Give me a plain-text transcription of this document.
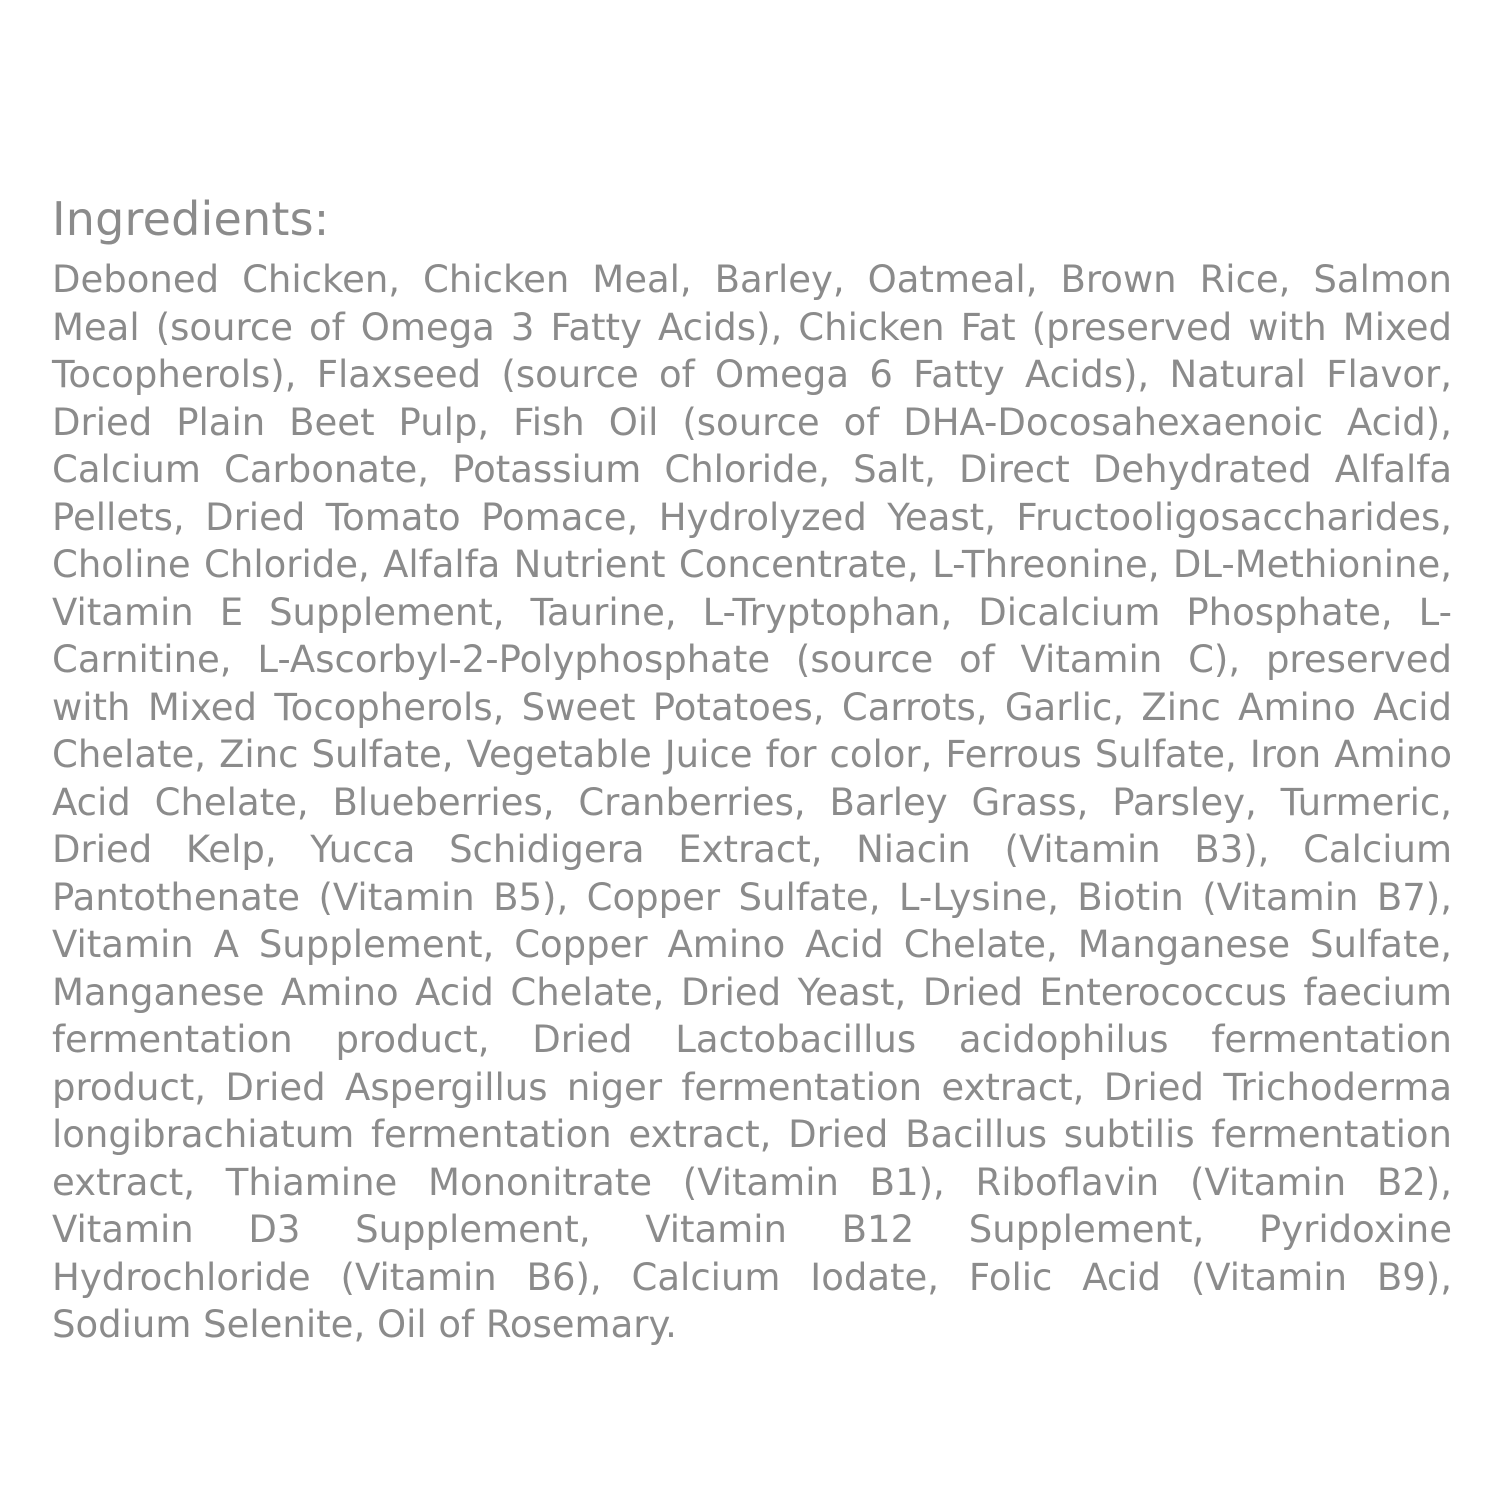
Ingredients:

Deboned Chicken, Chicken Meal, Barley, Oatmeal, Brown Rice, Salmon Meal (source of Omega 3 Fatty Acids), Chicken Fat (preserved with Mixed Tocopherols), Flaxseed (source of Omega 6 Fatty Acids), Natural Flavor, Dried Plain Beet Pulp, Fish Oil (source of DHA-Docosahexaenoic Acid), Calcium Carbonate, Potassium Chloride, Salt, Direct Dehydrated Alfalfa Pellets, Dried Tomato Pomace, Hydrolyzed Yeast, Fructooligosaccharides, Choline Chloride, Alfalfa Nutrient Concentrate, L-Threonine, DL-Methionine, Vitamin E Supplement, Taurine, L-Tryptophan, Dicalcium Phosphate, L-Carnitine, L-Ascorbyl-2-Polyphosphate (source of Vitamin C), preserved with Mixed Tocopherols, Sweet Potatoes, Carrots, Garlic, Zinc Amino Acid Chelate, Zinc Sulfate, Vegetable Juice for color, Ferrous Sulfate, Iron Amino Acid Chelate, Blueberries, Cranberries, Barley Grass, Parsley, Turmeric, Dried Kelp, Yucca Schidigera Extract, Niacin (Vitamin B3), Calcium Pantothenate (Vitamin B5), Copper Sulfate, L-Lysine, Biotin (Vitamin B7), Vitamin A Supplement, Copper Amino Acid Chelate, Manganese Sulfate, Manganese Amino Acid Chelate, Dried Yeast, Dried Enterococcus faecium fermentation product, Dried Lactobacillus acidophilus fermentation product, Dried Aspergillus niger fermentation extract, Dried Trichoderma longibrachiatum fermentation extract, Dried Bacillus subtilis fermentation extract, Thiamine Mononitrate (Vitamin B1), Riboflavin (Vitamin B2), Vitamin D3 Supplement, Vitamin B12 Supplement, Pyridoxine Hydrochloride (Vitamin B6), Calcium Iodate, Folic Acid (Vitamin B9), Sodium Selenite, Oil of Rosemary.
